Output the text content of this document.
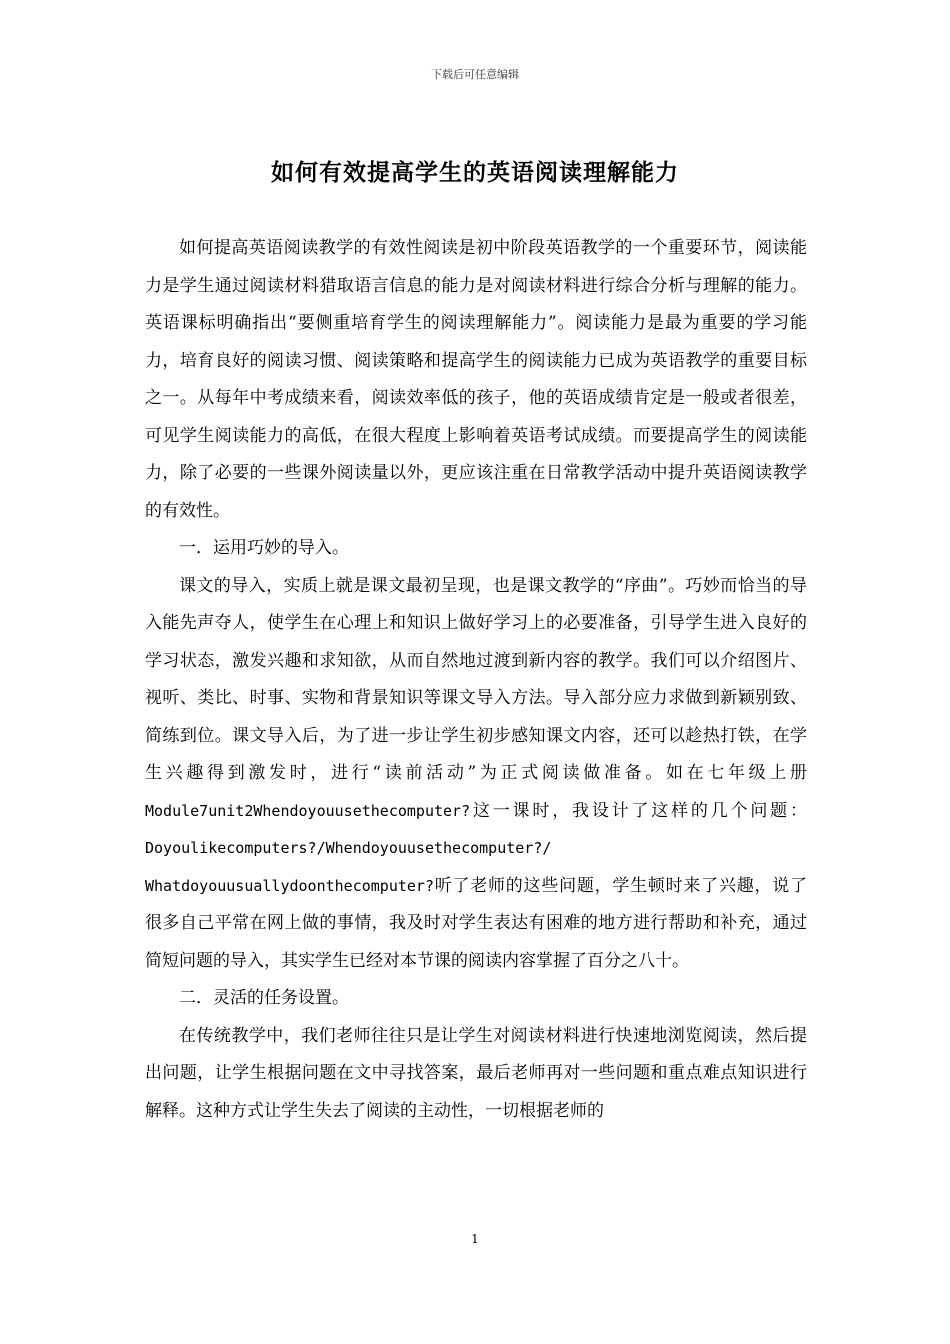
下载后可任意编辑
如何有效提高学生的英语阅读理解能力

如何提高英语阅读教学的有效性阅读是初中阶段英语教学的一个重要环节，阅读能力是学生通过阅读材料猎取语言信息的能力是对阅读材料进行综合分析与理解的能力。英语课标明确指出“要侧重培育学生的阅读理解能力”。阅读能力是最为重要的学习能力，培育良好的阅读习惯、阅读策略和提高学生的阅读能力已成为英语教学的重要目标之一。从每年中考成绩来看，阅读效率低的孩子，他的英语成绩肯定是一般或者很差，可见学生阅读能力的高低，在很大程度上影响着英语考试成绩。而要提高学生的阅读能力，除了必要的一些课外阅读量以外，更应该注重在日常教学活动中提升英语阅读教学的有效性。

一．运用巧妙的导入。

课文的导入，实质上就是课文最初呈现，也是课文教学的“序曲”。巧妙而恰当的导入能先声夺人，使学生在心理上和知识上做好学习上的必要准备，引导学生进入良好的学习状态，激发兴趣和求知欲，从而自然地过渡到新内容的教学。我们可以介绍图片、视听、类比、时事、实物和背景知识等课文导入方法。导入部分应力求做到新颖别致、简练到位。课文导入后，为了进一步让学生初步感知课文内容，还可以趁热打铁，在学生兴趣得到激发时，进行“读前活动”为正式阅读做准备。如在七年级上册Module7unit2Whendoyouusethecomputer?这一课时，我设计了这样的几个问题：Doyoulikecomputers?/Whendoyouusethecomputer?/ Whatdoyouusuallydoonthecomputer?听了老师的这些问题，学生顿时来了兴趣，说了很多自己平常在网上做的事情，我及时对学生表达有困难的地方进行帮助和补充，通过简短问题的导入，其实学生已经对本节课的阅读内容掌握了百分之八十。

二．灵活的任务设置。

在传统教学中，我们老师往往只是让学生对阅读材料进行快速地浏览阅读，然后提出问题，让学生根据问题在文中寻找答案，最后老师再对一些问题和重点难点知识进行解释。这种方式让学生失去了阅读的主动性，一切根据老师的

1
